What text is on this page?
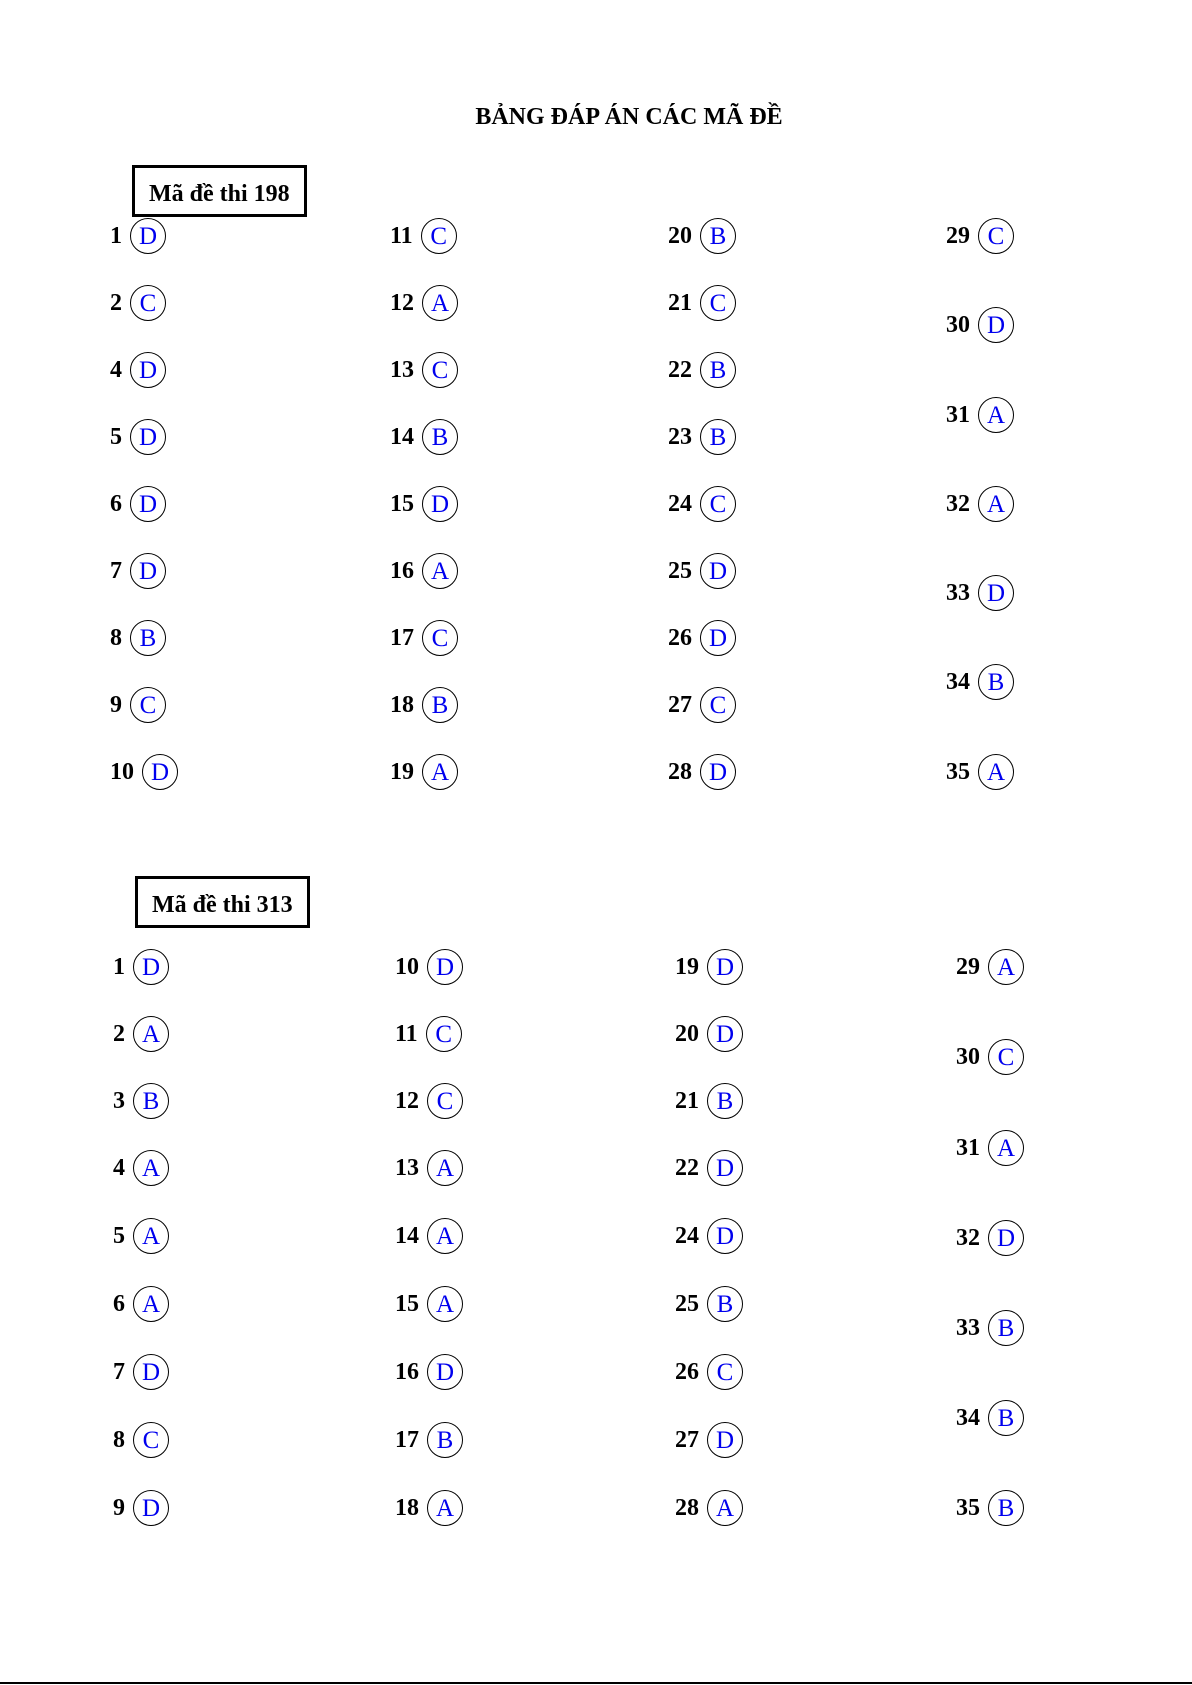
BẢNG ĐÁP ÁN CÁC MÃ ĐỀ
Mã đề thi 198
1 D
2 C
4 D
5 D
6 D
7 D
8 B
9 C
10 D
11 C
12 A
13 C
14 B
15 D
16 A
17 C
18 B
19 A
20 B
21 C
22 B
23 B
24 C
25 D
26 D
27 C
28 D
29 C
30 D
31 A
32 A
33 D
34 B
35 A
Mã đề thi 313
1 D
2 A
3 B
4 A
5 A
6 A
7 D
8 C
9 D
10 D
11 C
12 C
13 A
14 A
15 A
16 D
17 B
18 A
19 D
20 D
21 B
22 D
24 D
25 B
26 C
27 D
28 A
29 A
30 C
31 A
32 D
33 B
34 B
35 B
